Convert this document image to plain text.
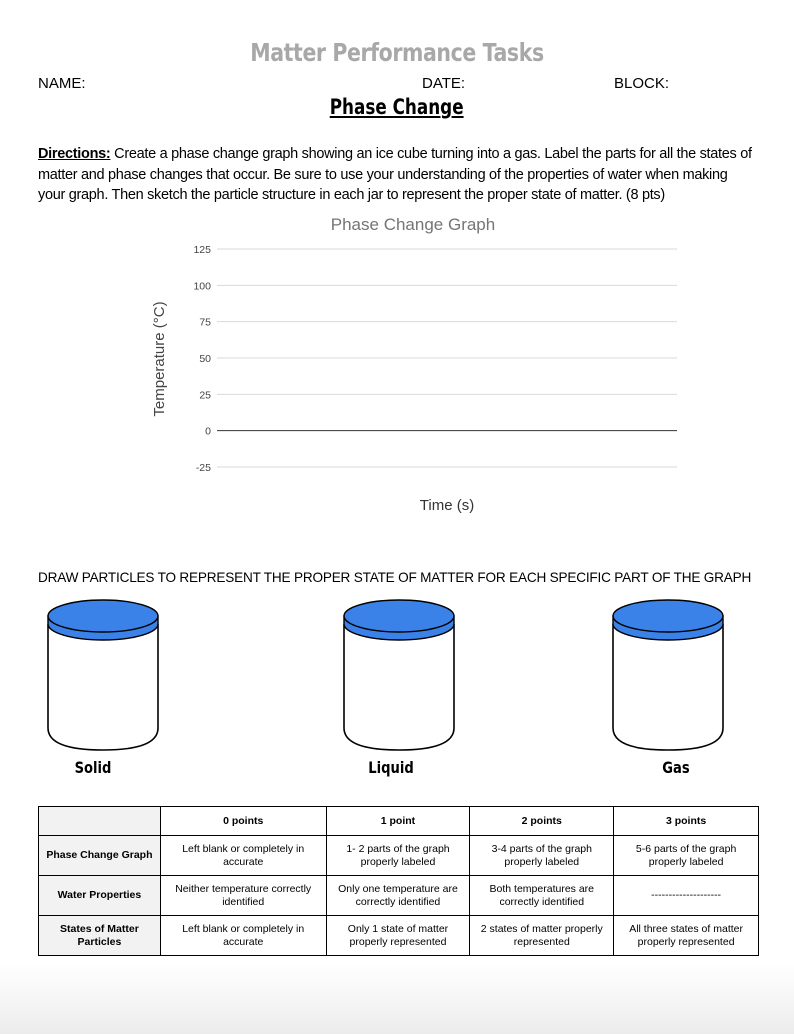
Matter Performance Tasks
NAME:	DATE:	BLOCK:
Phase Change
Directions: Create a phase change graph showing an ice cube turning into a gas. Label the parts for all the states of matter and phase changes that occur. Be sure to use your understanding of the properties of water when making your graph. Then sketch the particle structure in each jar to represent the proper state of matter. (8 pts)
Phase Change Graph
125
100
75
50
25
0
-25
Temperature (°C)
Time (s)
DRAW PARTICLES TO REPRESENT THE PROPER STATE OF MATTER FOR EACH SPECIFIC PART OF THE GRAPH
Solid	Liquid	Gas
	0 points	1 point	2 points	3 points
Phase Change Graph	Left blank or completely in accurate	1- 2 parts of the graph properly labeled	3-4 parts of the graph properly labeled	5-6 parts of the graph properly labeled
Water Properties	Neither temperature correctly identified	Only one temperature are correctly identified	Both temperatures are correctly identified	--------------------
States of Matter Particles	Left blank or completely in accurate	Only 1 state of matter properly represented	2 states of matter properly represented	All three states of matter properly represented
